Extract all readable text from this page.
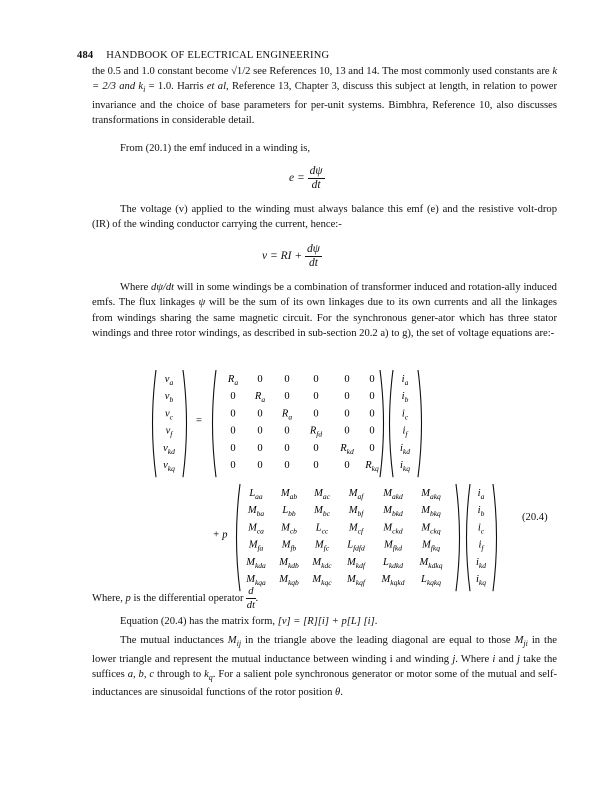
484 HANDBOOK OF ELECTRICAL ENGINEERING

the 0.5 and 1.0 constant become √1/2 see References 10, 13 and 14. The most commonly used constants are k = 2/3 and $k_i = 1.0$. Harris et al, Reference 13, Chapter 3, discuss this subject at length, in relation to power invariance and the choice of base parameters for per-unit systems. Bimbhra, Reference 10, also discusses transformations in considerable detail.

From (20.1) the emf induced in a winding is,

$e = \frac{d\psi}{dt}$

The voltage (v) applied to the winding must always balance this emf (e) and the resistive volt-drop (IR) of the winding conductor carrying the current, hence:-

v = RI + $\frac{d\psi}{dt}$

Where dψ/dt will in some windings be a combination of transformer induced and rotation-ally induced emfs. The flux linkages ψ will be the sum of its own linkages due to its own currents and all the linkages from windings sharing the same magnetic circuit. For the synchronous gener-ator which has three stator windings and three rotor windings, as described in sub-section 20.2 a) to g), the set of voltage equations are:-

va
vb
vc
vf
vkd
vkq
=
Ra 0 0 0 0 0
0 Ra 0 0 0 0
0 0 Ra 0 0 0
0 0 0 Rfd 0 0
0 0 0 0 Rkd 0
0 0 0 0 0 Rkq
ia
ib
ic
if
ikd
ikq
+ p
Laa Mab Mac Maf Makd Makq
Mba Lbb Mbc Mbf Mbkd Mbkq
Mca Mcb Lcc Mcf Mckd Mckq
Mfa Mfb Mfc Lfdfd Mfkd Mfkq
Mkda Mkdb Mkdc Mkdf Lkdkd Mkdkq
Mkqa Mkqb Mkqc Mkqf Mkqkd Lkqkq
ia
ib
ic
if
ikd
ikq
(20.4)

Where, p is the differential operator $\frac{d}{dt}$ .

Equation (20.4) has the matrix form, [v] = [R][i] + p[L] [i].

The mutual inductances $M_{ij}$ in the triangle above the leading diagonal are equal to those $M_{ji}$ in the lower triangle and represent the mutual inductance between winding i and winding j. Where i and j take the suffices a, b, c through to $k_q$. For a salient pole synchronous generator or motor some of the mutual and self-inductances are sinusoidal functions of the rotor position θ.
